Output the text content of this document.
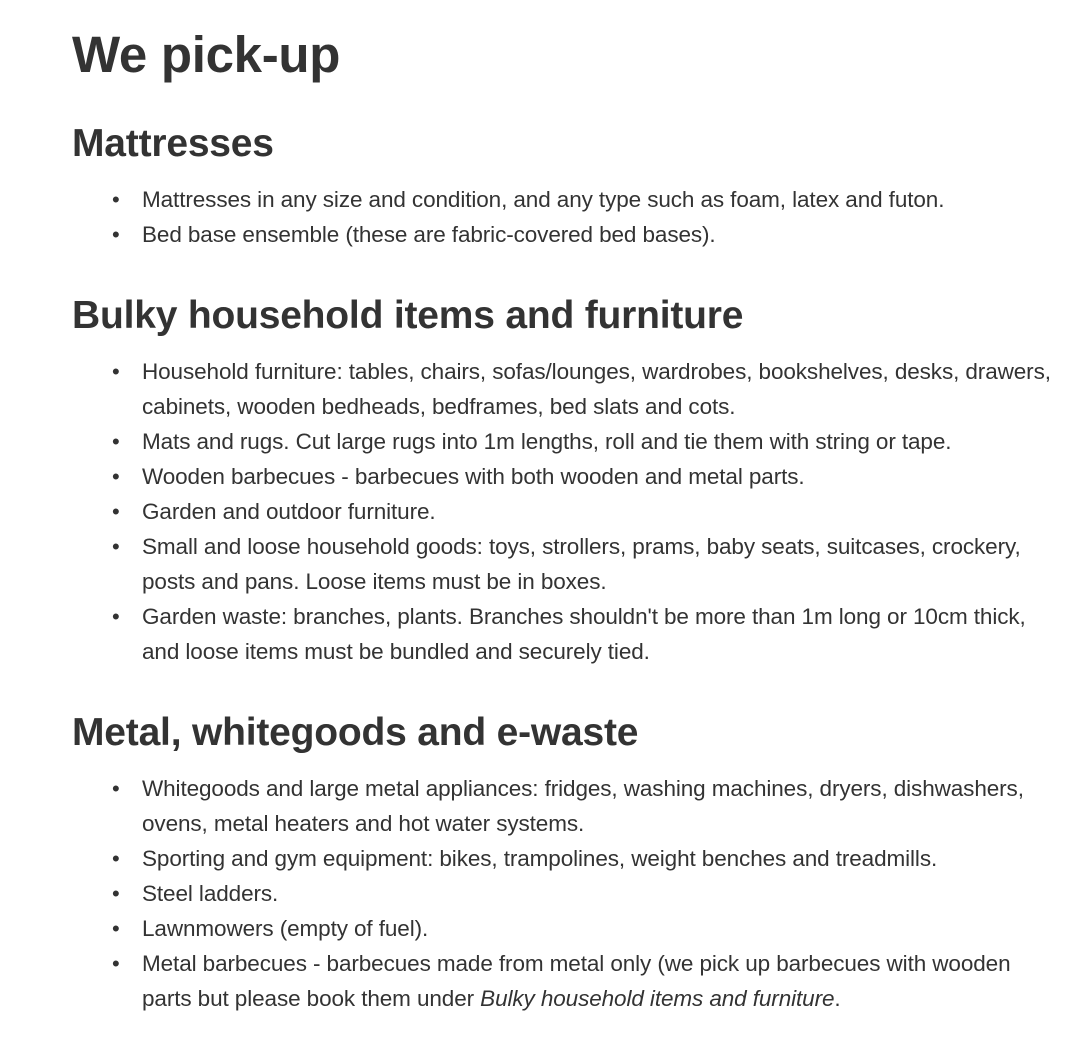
We pick-up
Mattresses
• Mattresses in any size and condition, and any type such as foam, latex and futon.
• Bed base ensemble (these are fabric-covered bed bases).
Bulky household items and furniture
• Household furniture: tables, chairs, sofas/lounges, wardrobes, bookshelves, desks, drawers, cabinets, wooden bedheads, bedframes, bed slats and cots.
• Mats and rugs. Cut large rugs into 1m lengths, roll and tie them with string or tape.
• Wooden barbecues - barbecues with both wooden and metal parts.
• Garden and outdoor furniture.
• Small and loose household goods: toys, strollers, prams, baby seats, suitcases, crockery, posts and pans. Loose items must be in boxes.
• Garden waste: branches, plants. Branches shouldn't be more than 1m long or 10cm thick, and loose items must be bundled and securely tied.
Metal, whitegoods and e-waste
• Whitegoods and large metal appliances: fridges, washing machines, dryers, dishwashers, ovens, metal heaters and hot water systems.
• Sporting and gym equipment: bikes, trampolines, weight benches and treadmills.
• Steel ladders.
• Lawnmowers (empty of fuel).
• Metal barbecues - barbecues made from metal only (we pick up barbecues with wooden parts but please book them under Bulky household items and furniture.
